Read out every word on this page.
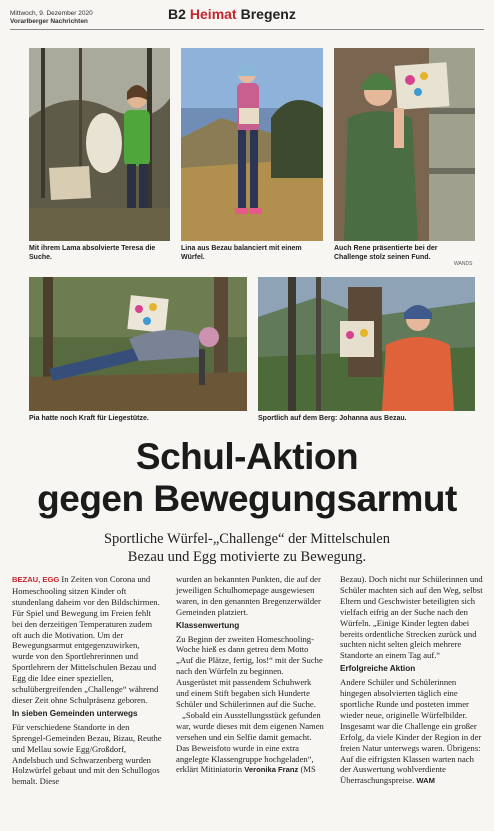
Mittwoch, 9. Dezember 2020
Vorarlberger Nachrichten	B2 Heimat Bregenz
Mit ihrem Lama absolvierte Teresa die Suche.
Lina aus Bezau balanciert mit einem Würfel.
Auch Rene präsentierte bei der Challenge stolz seinen Fund.
WANDS
Pia hatte noch Kraft für Liegestütze.	Sportlich auf dem Berg: Johanna aus Bezau.
Schul-Aktion
gegen Bewegungsarmut
Sportliche Würfel-„Challenge“ der Mittelschulen
Bezau und Egg motivierte zu Bewegung.

BEZAU, EGG In Zeiten von Corona und Homeschooling sitzen Kinder oft stundenlang daheim vor den Bildschirmen. Für Spiel und Bewegung im Freien fehlt bei den derzeitigen Temperaturen zudem oft auch die Motivation. Um der Bewegungsarmut entgegenzuwirken, wurde von den Sportlehrerinnen und Sportlehrern der Mittelschulen Bezau und Egg die Idee einer speziellen, schulübergreifenden „Challenge“ während dieser Zeit ohne Schulpräsenz geboren.

In sieben Gemeinden unterwegs

Für verschiedene Standorte in den Sprengel-Gemeinden Bezau, Bizau, Reuthe und Mellau sowie Egg/Großdorf, Andelsbuch und Schwarzenberg wurden Holzwürfel gebaut und mit den Schullogos bemalt. Diese

wurden an bekannten Punkten, die auf der jeweiligen Schulhomepage ausgewiesen waren, in den genannten Bregenzerwälder Gemeinden platziert.

Klassenwertung

Zu Beginn der zweiten Homeschooling-Woche hieß es dann getreu dem Motto „Auf die Plätze, fertig, los!“ mit der Suche nach den Würfeln zu beginnen. Ausgerüstet mit passendem Schuhwerk und einem Stift begaben sich Hunderte Schüler und Schülerinnen auf die Suche.

„Sobald ein Ausstellungsstück gefunden war, wurde dieses mit dem eigenen Namen versehen und ein Selfie damit gemacht. Das Beweisfoto wurde in eine extra angelegte Klassengruppe hochgeladen“, erklärt Mitiniatorin Veronika Franz (MS

Bezau). Doch nicht nur Schülerinnen und Schüler machten sich auf den Weg, selbst Eltern und Geschwister beteiligten sich vielfach eifrig an der Suche nach den Würfeln. „Einige Kinder legten dabei bereits ordentliche Strecken zurück und suchten nicht selten gleich mehrere Standorte an einem Tag auf.“

Erfolgreiche Aktion

Andere Schüler und Schülerinnen hingegen absolvierten täglich eine sportliche Runde und posteten immer wieder neue, originelle Würfelbilder. Insgesamt war die Challenge ein großer Erfolg, da viele Kinder der Region in der freien Natur unterwegs waren. Übrigens: Auf die eifrigsten Klassen warten nach der Auswertung wohlverdiente Überraschungspreise. WAM
